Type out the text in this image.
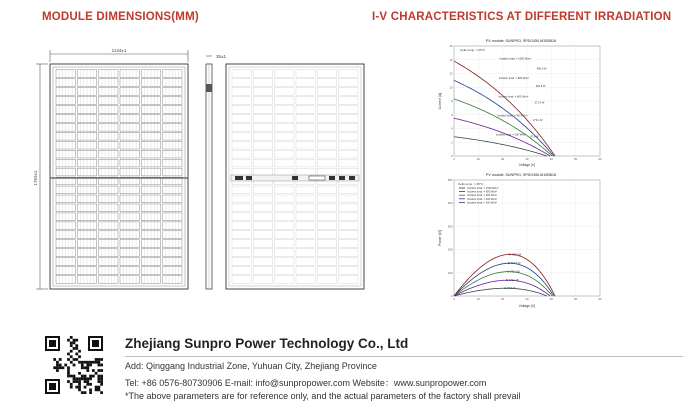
MODULE DIMENSIONS(MM)	I-V CHARACTERISTICS AT DIFFERENT IRRADIATION
1134±1
1762±1
35±1
PV module: SUNPRO, SPDG450-M10BB18
0	10	20	30	40	50	60
0
2
4
6
8
10
12
14
16
Incident Irrad. = 1000 W/m²
450.0 W
Incident Irrad. = 800 W/m²
362.5 W
Incident Irrad. = 600 W/m²
271.4 W
Incident Irrad. = 400 W/m²
179.1 W
Incident Irrad. = 200 W/m²
87.6 W
Cells temp. = 25°C
Voltage [V]
Current [A]
PV module: SUNPRO, SPDG450-M10BB18
0	10	20	30	40	50	60
0
100
200
300
400
500
450.0 W
362.5 W
271.4 W
179.1 W
87.6 W
Incident Irrad. = 1000 W/m²
Incident Irrad. = 800 W/m²
Incident Irrad. = 600 W/m²
Incident Irrad. = 400 W/m²
Incident Irrad. = 200 W/m²
Cells temp. = 25°C
Voltage [V]
Power [W]
Zhejiang Sunpro Power Technology Co., Ltd
Add: Qinggang Industrial Zone, Yuhuan City, Zhejiang Province
Tel: +86 0576-80730906 E-mail: info@sunpropower.com Website：www.sunpropower.com
*The above parameters are for reference only, and the actual parameters of the factory shall prevail
